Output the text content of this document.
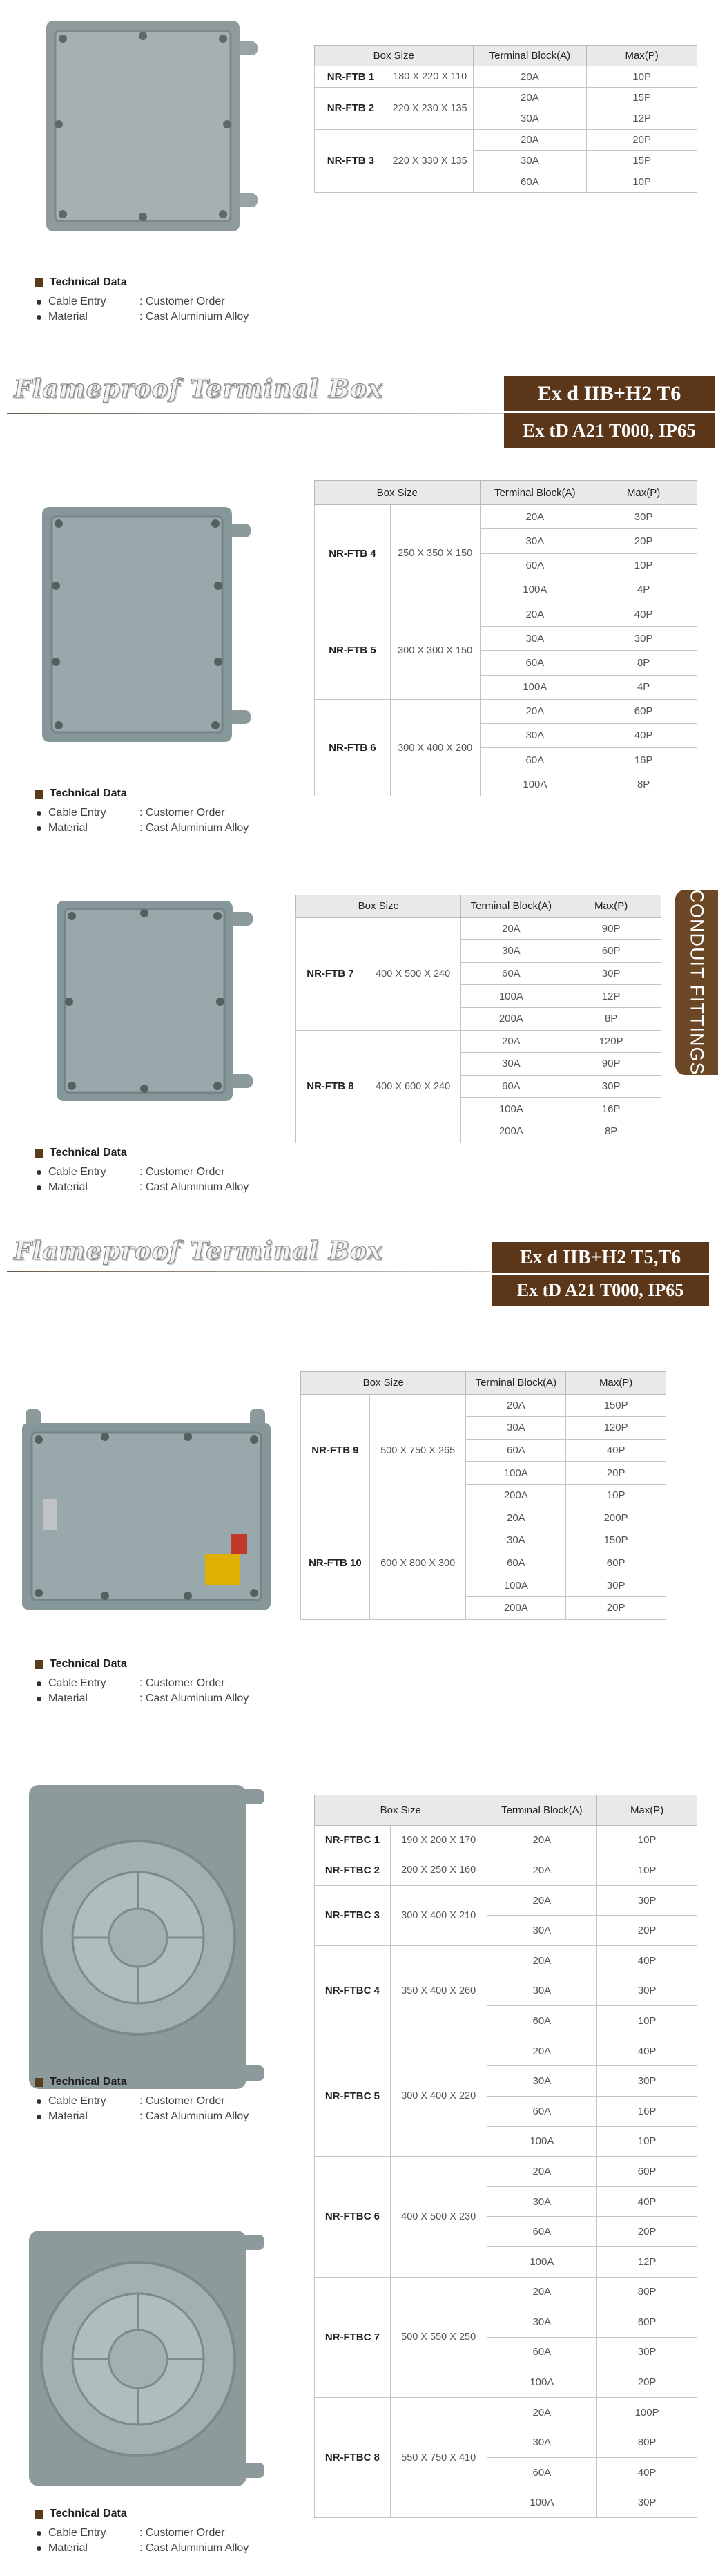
Box Size		Terminal Block(A)	Max(P)
NR-FTB 1	180 X 220 X 110	20A	10P
NR-FTB 2	220 X 230 X 135	20A	15P
		30A	12P
NR-FTB 3	220 X 330 X 135	20A	20P
		30A	15P
		60A	10P
Box Size		Terminal Block(A)	Max(P)
NR-FTB 4	250 X 350 X 150	20A	30P
		30A	20P
		60A	10P
		100A	4P
NR-FTB 5	300 X 300 X 150	20A	40P
		30A	30P
		60A	8P
		100A	4P
NR-FTB 6	300 X 400 X 200	20A	60P
		30A	40P
		60A	16P
		100A	8P
Box Size		Terminal Block(A)	Max(P)
NR-FTB 7	400 X 500 X 240	20A	90P
		30A	60P
		60A	30P
		100A	12P
		200A	8P
NR-FTB 8	400 X 600 X 240	20A	120P
		30A	90P
		60A	30P
		100A	16P
		200A	8P
Box Size		Terminal Block(A)	Max(P)
NR-FTB 9	500 X 750 X 265	20A	150P
		30A	120P
		60A	40P
		100A	20P
		200A	10P
NR-FTB 10	600 X 800 X 300	20A	200P
		30A	150P
		60A	60P
		100A	30P
		200A	20P
Box Size		Terminal Block(A)	Max(P)
NR-FTBC 1	190 X 200 X 170	20A	10P
NR-FTBC 2	200 X 250 X 160	20A	10P
NR-FTBC 3	300 X 400 X 210	20A	30P
		30A	20P
NR-FTBC 4	350 X 400 X 260	20A	40P
		30A	30P
		60A	10P
NR-FTBC 5	300 X 400 X 220	20A	40P
		30A	30P
		60A	16P
		100A	10P
NR-FTBC 6	400 X 500 X 230	20A	60P
		30A	40P
		60A	20P
		100A	12P
NR-FTBC 7	500 X 550 X 250	20A	80P
		30A	60P
		60A	30P
		100A	20P
NR-FTBC 8	550 X 750 X 410	20A	100P
		30A	80P
		60A	40P
		100A	30P
Technical Data
Cable Entry	: Customer Order
Material	: Cast Aluminium Alloy
Technical Data
Cable Entry	: Customer Order
Material	: Cast Aluminium Alloy
Technical Data
Cable Entry	: Customer Order
Material	: Cast Aluminium Alloy
Technical Data
Cable Entry	: Customer Order
Material	: Cast Aluminium Alloy
Technical Data
Cable Entry	: Customer Order
Material	: Cast Aluminium Alloy
Technical Data
Cable Entry	: Customer Order
Material	: Cast Aluminium Alloy
Flameproof Terminal Box	Ex d IIB+H2 T6
Ex tD A21 T000, IP65
Flameproof Terminal Box	Ex d IIB+H2 T5,T6
Ex tD A21 T000, IP65
CONDUIT FITTINGS
